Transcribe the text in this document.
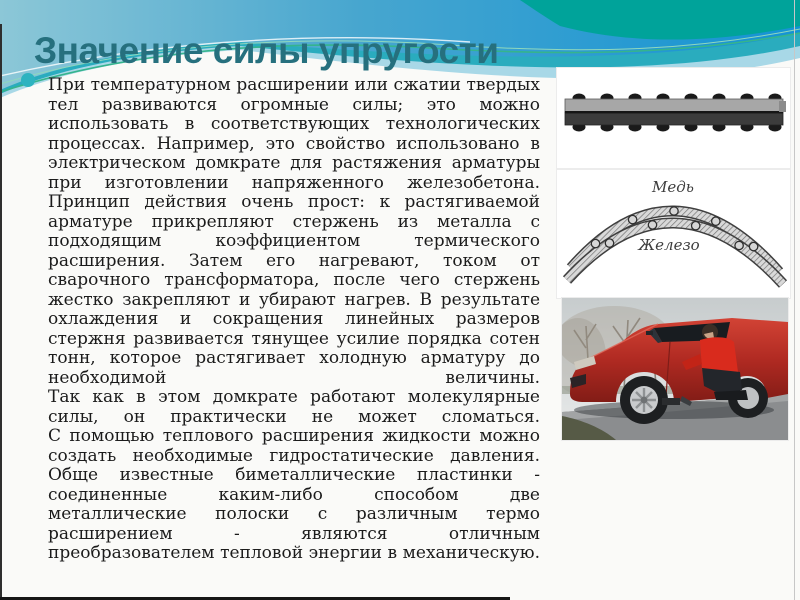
Значение силы упругости

При температурном расширении или сжатии твердых тел развиваются огромные силы; это можно использовать в соответствующих технологических процессах. Например, это свойство использовано в электрическом домкрате для растяжения арматуры при изготовлении напряженного железобетона. Принцип действия очень прост: к растягиваемой арматуре прикрепляют стержень из металла с подходящим коэффициентом термического расширения. Затем его нагревают, током от сварочного трансформатора, после чего стержень жестко закрепляют и убирают нагрев. В результате охлаждения и сокращения линейных размеров стержня развивается тянущее усилие порядка сотен тонн, которое растягивает холодную арматуру до необходимой величины.

Так как в этом домкрате работают молекулярные силы, он практически не может сломаться.

С помощью теплового расширения жидкости можно создать необходимые гидростатические давления. Обще известные биметаллические пластинки - соединенные каким-либо способом две металлические полоски с различным термо расширением - являются отличным преобразователем тепловой энергии в механическую.

Медь
Железо
